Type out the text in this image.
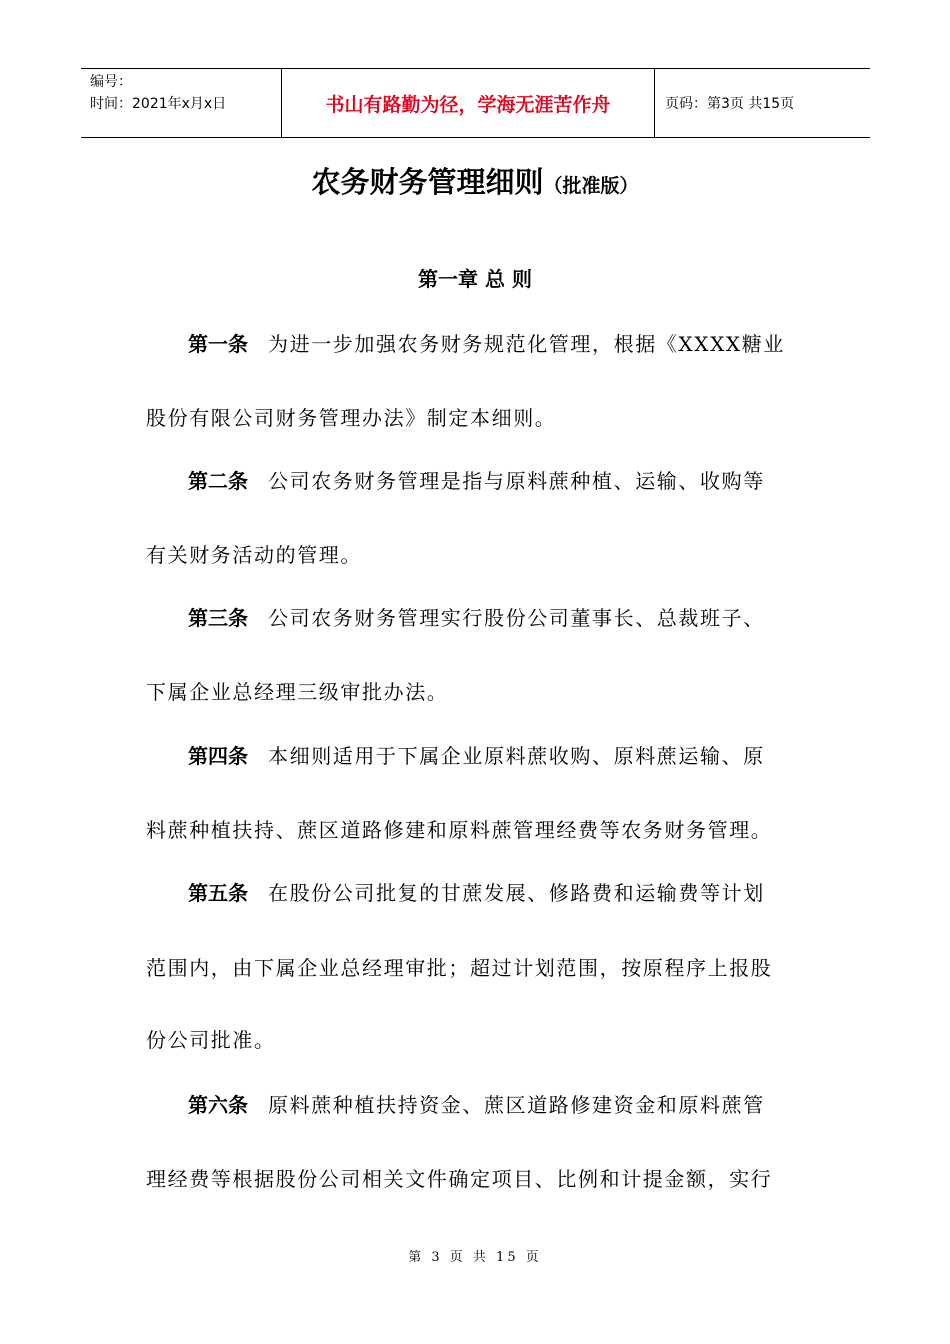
编号：
时间：2021年x月x日	书山有路勤为径，学海无涯苦作舟	页码：第3页 共15页
农务财务管理细则（批准版）
第一章 总 则
第一条 为进一步加强农务财务规范化管理，根据《XXXX糖业
股份有限公司财务管理办法》制定本细则。
第二条 公司农务财务管理是指与原料蔗种植、运输、收购等
有关财务活动的管理。
第三条 公司农务财务管理实行股份公司董事长、总裁班子、
下属企业总经理三级审批办法。
第四条 本细则适用于下属企业原料蔗收购、原料蔗运输、原
料蔗种植扶持、蔗区道路修建和原料蔗管理经费等农务财务管理。
第五条 在股份公司批复的甘蔗发展、修路费和运输费等计划
范围内，由下属企业总经理审批；超过计划范围，按原程序上报股
份公司批准。
第六条 原料蔗种植扶持资金、蔗区道路修建资金和原料蔗管
理经费等根据股份公司相关文件确定项目、比例和计提金额，实行
第 3 页 共 15 页
